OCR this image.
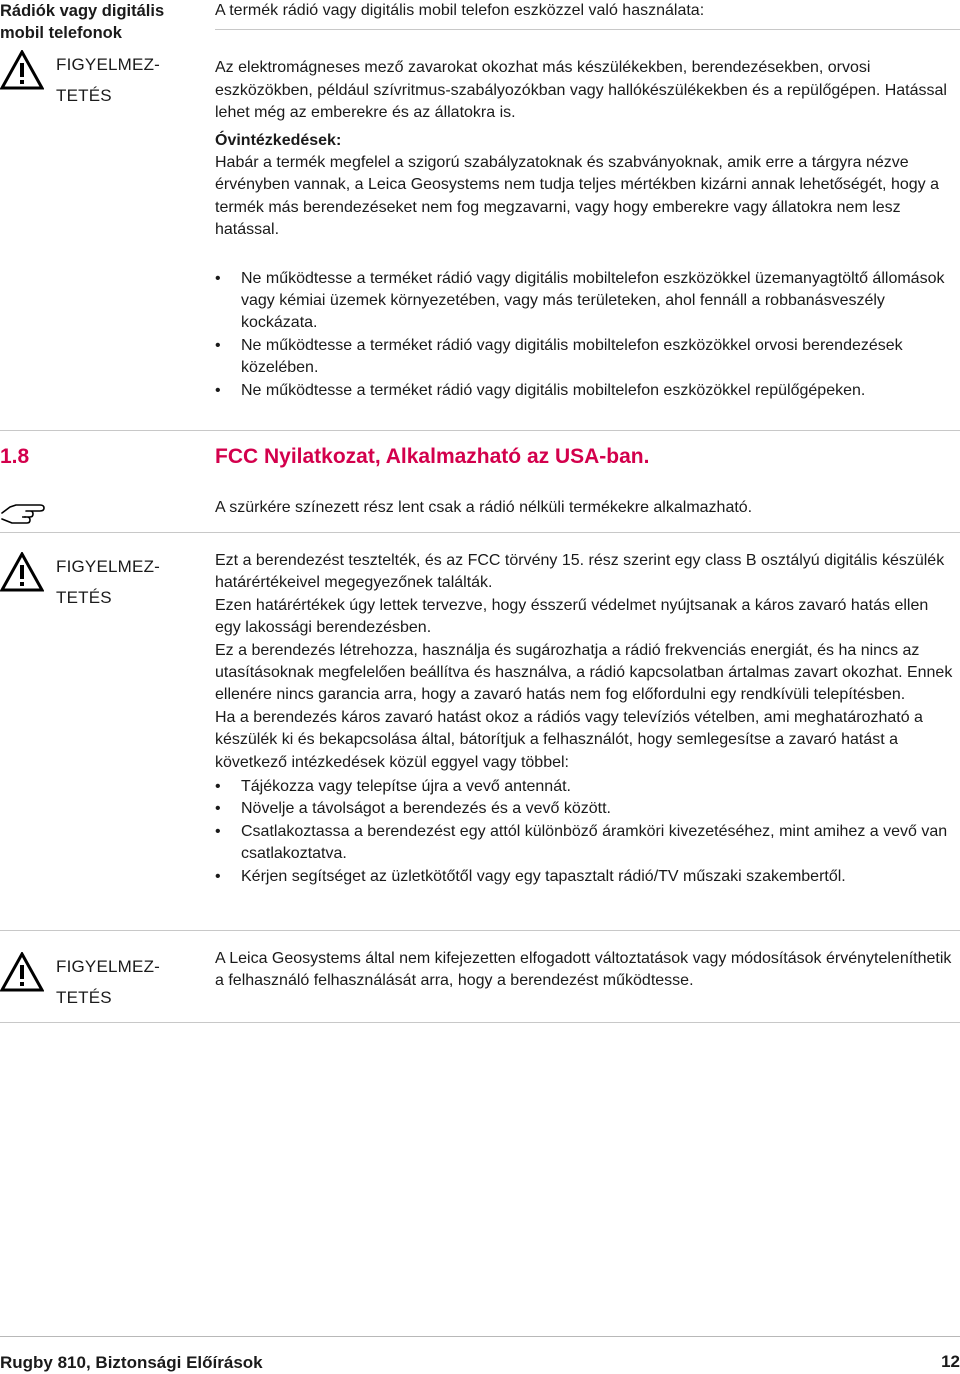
Rádiók vagy digitális mobil telefonok
FIGYELMEZ-
TETÉS

A termék rádió vagy digitális mobil telefon eszközzel való használata:

Az elektromágneses mező zavarokat okozhat más készülékekben, berendezésekben, orvosi eszközökben, például szívritmus-szabályozókban vagy hallókészülékekben és a repülőgépen. Hatással lehet még az emberekre és az állatokra is.

Óvintézkedések:

Habár a termék megfelel a szigorú szabályzatoknak és szabványoknak, amik erre a tárgyra nézve érvényben vannak, a Leica Geosystems nem tudja teljes mértékben kizárni annak lehetőségét, hogy a termék más berendezéseket nem fog megzavarni, vagy hogy emberekre vagy állatokra nem lesz hatással.

• Ne működtesse a terméket rádió vagy digitális mobiltelefon eszközökkel üzemanyagtöltő állomások vagy kémiai üzemek környezetében, vagy más területeken, ahol fennáll a robbanásveszély kockázata.
• Ne működtesse a terméket rádió vagy digitális mobiltelefon eszközökkel orvosi berendezések közelében.
• Ne működtesse a terméket rádió vagy digitális mobiltelefon eszközökkel repülőgépeken.
1.8	FCC Nyilatkozat, Alkalmazható az USA-ban.

A szürkére színezett rész lent csak a rádió nélküli termékekre alkalmazható.

FIGYELMEZ-
TETÉS

Ezt a berendezést tesztelték, és az FCC törvény 15. rész szerint egy class B osztályú digitális készülék határértékeivel megegyezőnek találták.

Ezen határértékek úgy lettek tervezve, hogy ésszerű védelmet nyújtsanak a káros zavaró hatás ellen egy lakossági berendezésben.

Ez a berendezés létrehozza, használja és sugározhatja a rádió frekvenciás energiát, és ha nincs az utasításoknak megfelelően beállítva és használva, a rádió kapcsolatban ártalmas zavart okozhat. Ennek ellenére nincs garancia arra, hogy a zavaró hatás nem fog előfordulni egy rendkívüli telepítésben.

Ha a berendezés káros zavaró hatást okoz a rádiós vagy televíziós vételben, ami meghatározható a készülék ki és bekapcsolása által, bátorítjuk a felhasználót, hogy semlegesítse a zavaró hatást a következő intézkedések közül eggyel vagy többel:

• Tájékozza vagy telepítse újra a vevő antennát.
• Növelje a távolságot a berendezés és a vevő között.
• Csatlakoztassa a berendezést egy attól különböző áramköri kivezetéséhez, mint amihez a vevő van csatlakoztatva.
• Kérjen segítséget az üzletkötőtől vagy egy tapasztalt rádió/TV műszaki szakembertől.
FIGYELMEZ-
TETÉS

A Leica Geosystems által nem kifejezetten elfogadott változtatások vagy módosítások érvényteleníthetik a felhasználó felhasználását arra, hogy a berendezést működtesse.

Rugby 810, Biztonsági Előírások	12
